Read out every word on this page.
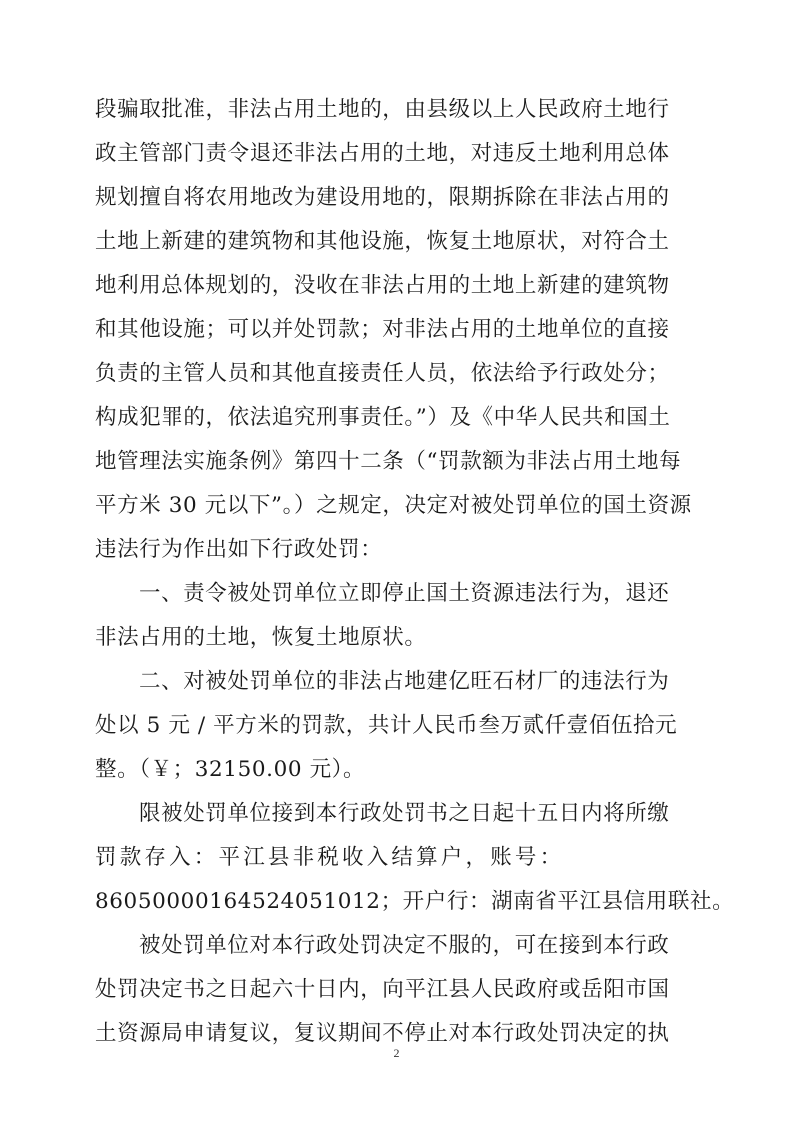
段骗取批准，非法占用土地的，由县级以上人民政府土地行
政主管部门责令退还非法占用的土地，对违反土地利用总体
规划擅自将农用地改为建设用地的，限期拆除在非法占用的
土地上新建的建筑物和其他设施，恢复土地原状，对符合土
地利用总体规划的，没收在非法占用的土地上新建的建筑物
和其他设施；可以并处罚款；对非法占用的土地单位的直接
负责的主管人员和其他直接责任人员，依法给予行政处分；
构成犯罪的，依法追究刑事责任。”）及《中华人民共和国土
地管理法实施条例》第四十二条（“罚款额为非法占用土地每
平方米 30 元以下”。）之规定，决定对被处罚单位的国土资源
违法行为作出如下行政处罚：
一、责令被处罚单位立即停止国土资源违法行为，退还
非法占用的土地，恢复土地原状。
二、对被处罚单位的非法占地建亿旺石材厂的违法行为
处以 5 元 / 平方米的罚款，共计人民币叁万贰仟壹佰伍拾元
整。（￥；32150.00 元）。
限被处罚单位接到本行政处罚书之日起十五日内将所缴
罚款存入：平江县非税收入结算户，账号：
86050000164524051012；开户行：湖南省平江县信用联社。
被处罚单位对本行政处罚决定不服的，可在接到本行政
处罚决定书之日起六十日内，向平江县人民政府或岳阳市国
土资源局申请复议，复议期间不停止对本行政处罚决定的执
2
